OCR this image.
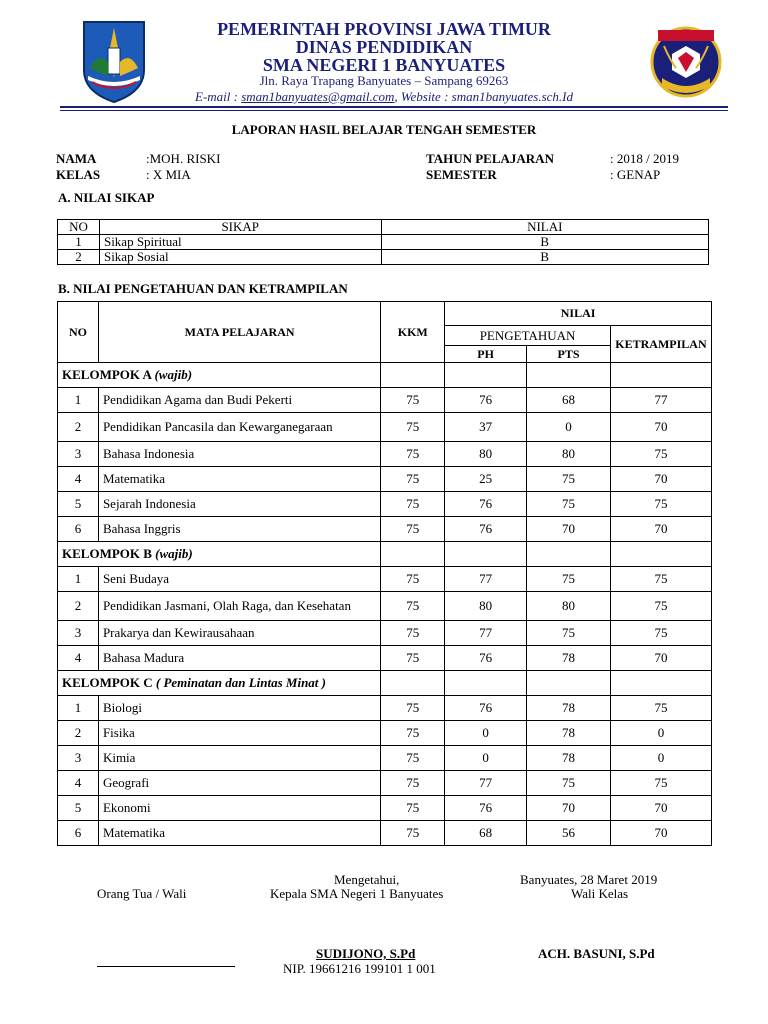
PEMERINTAH PROVINSI JAWA TIMUR
DINAS PENDIDIKAN
SMA NEGERI 1 BANYUATES
Jln. Raya Trapang Banyuates – Sampang 69263
E-mail : sman1banyuates@gmail.com, Website : sman1banyuates.sch.Id
LAPORAN HASIL BELAJAR TENGAH SEMESTER
NAMA	:MOH. RISKI
KELAS	: X MIA
TAHUN PELAJARAN	: 2018 / 2019
SEMESTER	: GENAP
A. NILAI SIKAP
NO	SIKAP	NILAI
1	Sikap Spiritual	B
2	Sikap Sosial	B
B. NILAI PENGETAHUAN DAN KETRAMPILAN
NO	MATA PELAJARAN	KKM	NILAI		
			PENGETAHUAN		KETRAMPILAN
			PH	PTS	
KELOMPOK A (wajib)					
1	Pendidikan Agama dan Budi Pekerti	75	76	68	77
2	Pendidikan Pancasila dan Kewarganegaraan	75	37	0	70
3	Bahasa Indonesia	75	80	80	75
4	Matematika	75	25	75	70
5	Sejarah Indonesia	75	76	75	75
6	Bahasa Inggris	75	76	70	70
KELOMPOK B (wajib)					
1	Seni Budaya	75	77	75	75
2	Pendidikan Jasmani, Olah Raga, dan Kesehatan	75	80	80	75
3	Prakarya dan Kewirausahaan	75	77	75	75
4	Bahasa Madura	75	76	78	70
KELOMPOK C ( Peminatan dan Lintas Minat )					
1	Biologi	75	76	78	75
2	Fisika	75	0	78	0
3	Kimia	75	0	78	0
4	Geografi	75	77	75	75
5	Ekonomi	75	76	70	70
6	Matematika	75	68	56	70
Mengetahui,
Orang Tua / Wali	Kepala SMA Negeri 1 Banyuates
Banyuates, 28 Maret 2019
Wali Kelas
SUDIJONO, S.Pd
NIP. 19661216 199101 1 001
ACH. BASUNI, S.Pd
